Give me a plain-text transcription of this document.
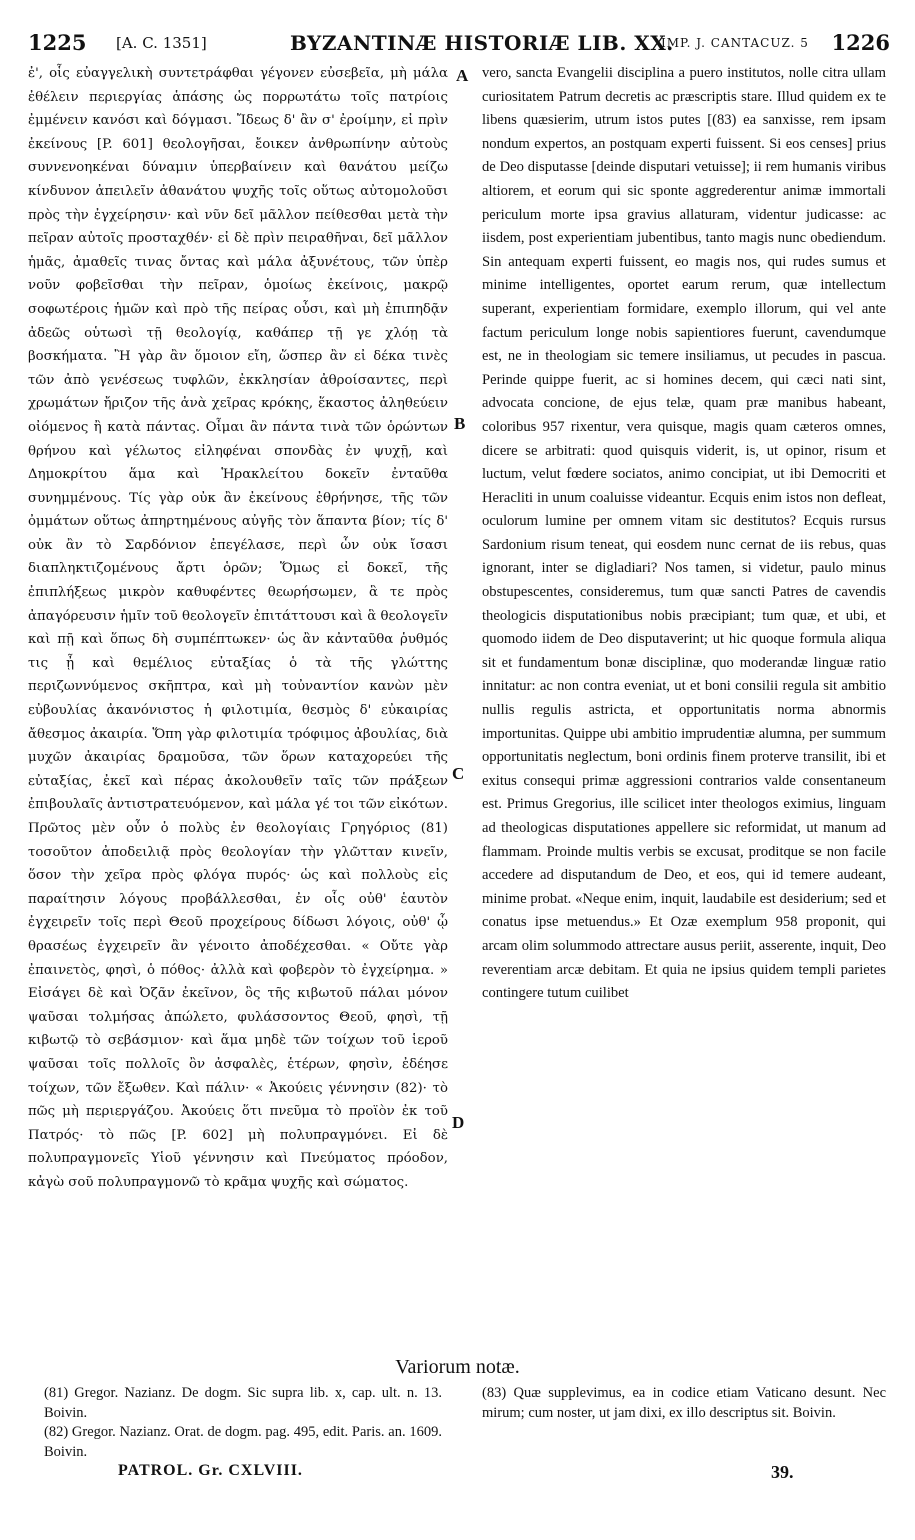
1225 [A. C. 1351]	BYZANTINÆ HISTORIÆ LIB. XX.
IMP. J. CANTACUZ. 5 1226

ἐ', οἷς εὐαγγελικὴ συντετράφθαι γέγονεν εὐσεβεῖα, μὴ μάλα ἐθέλειν περιεργίας ἁπάσης ὡς πορρωτάτω τοῖς πατρίοις ἐμμένειν κανόσι καὶ δόγμασι. Ἴδεως δ' ἂν σ' ἐροίμην, εἰ πρὶν ἐκείνους [P. 601] θεολογῆσαι, ἔοικεν ἀνθρωπίνην αὐτοὺς συννενοηκέναι δύναμιν ὑπερβαίνειν καὶ θανάτου μείζω κίνδυνον ἀπειλεῖν ἀθανάτου ψυχῆς τοῖς οὕτως αὐτομολοῦσι πρὸς τὴν ἐγχείρησιν· καὶ νῦν δεῖ μᾶλλον πείθεσθαι μετὰ τὴν πεῖραν αὐτοῖς προσταχθέν· εἰ δὲ πρὶν πειραθῆναι, δεῖ μᾶλλον ἡμᾶς, ἀμαθεῖς τινας ὄντας καὶ μάλα ἀξυνέτους, τῶν ὑπὲρ νοῦν φοβεῖσθαι τὴν πεῖραν, ὁμοίως ἐκείνοις, μακρῷ σοφωτέροις ἡμῶν καὶ πρὸ τῆς πείρας οὖσι, καὶ μὴ ἐπιπηδᾷν ἀδεῶς οὑτωσὶ τῇ θεολογίᾳ, καθάπερ τῇ γε χλόῃ τὰ βοσκήματα. Ἢ γὰρ ἂν ὅμοιον εἴη, ὥσπερ ἂν εἰ δέκα τινὲς τῶν ἀπὸ γενέσεως τυφλῶν, ἐκκλησίαν ἀθροίσαντες, περὶ χρωμάτων ἤριζον τῆς ἀνὰ χεῖρας κρόκης, ἕκαστος ἀληθεύειν οἰόμενος ἢ κατὰ πάντας. Οἶμαι ἂν πάντα τινὰ τῶν ὁρώντων θρήνου καὶ γέλωτος εἰληφέναι σπονδὰς ἐν ψυχῇ, καὶ Δημοκρίτου ἅμα καὶ Ἡρακλείτου δοκεῖν ἐνταῦθα συνημμένους. Τίς γὰρ οὐκ ἂν ἐκείνους ἐθρήνησε, τῆς τῶν ὀμμάτων οὕτως ἀπηρτημένους αὐγῆς τὸν ἅπαντα βίον; τίς δ' οὐκ ἂν τὸ Σαρδόνιον ἐπεγέλασε, περὶ ὧν οὐκ ἴσασι διαπληκτιζομένους ἄρτι ὁρῶν; Ὅμως εἰ δοκεῖ, τῆς ἐπιπλήξεως μικρὸν καθυφέντες θεωρήσωμεν, ἃ τε πρὸς ἀπαγόρευσιν ἡμῖν τοῦ θεολογεῖν ἐπιτάττουσι καὶ ἃ θεολογεῖν καὶ πῇ καὶ ὅπως δὴ συμπέπτωκεν· ὡς ἂν κἀνταῦθα ῥυθμός τις ᾖ καὶ θεμέλιος εὐταξίας ὁ τὰ τῆς γλώττης περιζωννύμενος σκῆπτρα, καὶ μὴ τοὐναντίον κανὼν μὲν εὐβουλίας ἀκανόνιστος ἡ φιλοτιμία, θεσμὸς δ' εὐκαιρίας ἄθεσμος ἀκαιρία. Ὅπη γὰρ φιλοτιμία τρόφιμος ἀβουλίας, διὰ μυχῶν ἀκαιρίας δραμοῦσα, τῶν ὅρων καταχορεύει τῆς εὐταξίας, ἐκεῖ καὶ πέρας ἀκολουθεῖν ταῖς τῶν πράξεων ἐπιβουλαῖς ἀντιστρατευόμενον, καὶ μάλα γέ τοι τῶν εἰκότων. Πρῶτος μὲν οὖν ὁ πολὺς ἐν θεολογίαις Γρηγόριος (81) τοσοῦτον ἀποδειλιᾷ πρὸς θεολογίαν τὴν γλῶτταν κινεῖν, ὅσον τὴν χεῖρα πρὸς φλόγα πυρός· ὡς καὶ πολλοὺς εἰς παραίτησιν λόγους προβάλλεσθαι, ἐν οἷς οὐθ' ἑαυτὸν ἐγχειρεῖν τοῖς περὶ Θεοῦ προχείρους δίδωσι λόγοις, οὐθ' ᾧ θρασέως ἐγχειρεῖν ἂν γένοιτο ἀποδέχεσθαι. « Οὔτε γὰρ ἐπαινετὸς, φησὶ, ὁ πόθος· ἀλλὰ καὶ φοβερὸν τὸ ἐγχείρημα. » Εἰσάγει δὲ καὶ Ὀζᾶν ἐκεῖνον, ὃς τῆς κιβωτοῦ πάλαι μόνον ψαῦσαι τολμήσας ἀπώλετο, φυλάσσοντος Θεοῦ, φησὶ, τῇ κιβωτῷ τὸ σεβάσμιον· καὶ ἅμα μηδὲ τῶν τοίχων τοῦ ἱεροῦ ψαῦσαι τοῖς πολλοῖς ὂν ἀσφαλὲς, ἑτέρων, φησὶν, ἐδέησε τοίχων, τῶν ἔξωθεν. Καὶ πάλιν· « Ἀκούεις γέννησιν (82)· τὸ πῶς μὴ περιεργάζου. Ἀκούεις ὅτι πνεῦμα τὸ προϊὸν ἐκ τοῦ Πατρός· τὸ πῶς [P. 602] μὴ πολυπραγμόνει. Εἰ δὲ πολυπραγμονεῖς Υἱοῦ γέννησιν καὶ Πνεύματος πρόοδον, κἀγὼ σοῦ πολυπραγμονῶ τὸ κρᾶμα ψυχῆς καὶ σώματος.

A
B
C
D

vero, sancta Evangelii disciplina a puero institutos, nolle citra ullam curiositatem Patrum decretis ac præscriptis stare. Illud quidem ex te libens quæsierim, utrum istos putes [(83) ea sanxisse, rem ipsam nondum expertos, an postquam experti fuissent. Si eos censes] prius de Deo disputasse [deinde disputari vetuisse]; ii rem humanis viribus altiorem, et eorum qui sic sponte aggrederentur animæ immortali periculum morte ipsa gravius allaturam, videntur judicasse: ac iisdem, post experientiam jubentibus, tanto magis nunc obediendum. Sin antequam experti fuissent, eo magis nos, qui rudes sumus et minime intelligentes, oportet earum rerum, quæ intellectum superant, experientiam formidare, exemplo illorum, qui vel ante factum periculum longe nobis sapientiores fuerunt, cavendumque est, ne in theologiam sic temere insiliamus, ut pecudes in pascua. Perinde quippe fuerit, ac si homines decem, qui cæci nati sint, advocata concione, de ejus telæ, quam præ manibus habeant, coloribus 957 rixentur, vera quisque, magis quam cæteros omnes, dicere se arbitrati: quod quisquis viderit, is, ut opinor, risum et luctum, velut fœdere sociatos, animo concipiat, ut ibi Democriti et Heracliti in unum coaluisse videantur. Ecquis enim istos non defleat, oculorum lumine per omnem vitam sic destitutos? Ecquis rursus Sardonium risum teneat, qui eosdem nunc cernat de iis rebus, quas ignorant, inter se digladiari? Nos tamen, si videtur, paulo minus obstupescentes, consideremus, tum quæ sancti Patres de cavendis theologicis disputationibus nobis præcipiant; tum quæ, et ubi, et quomodo iidem de Deo disputaverint; ut hic quoque formula aliqua sit et fundamentum bonæ disciplinæ, quo moderandæ linguæ ratio innitatur: ac non contra eveniat, ut et boni consilii regula sit ambitio nullis regulis astricta, et opportunitatis norma abnormis importunitas. Quippe ubi ambitio imprudentiæ alumna, per summum opportunitatis neglectum, boni ordinis finem proterve transilit, ibi et exitus consequi primæ aggressioni contrarios valde consentaneum est. Primus Gregorius, ille scilicet inter theologos eximius, linguam ad theologicas disputationes appellere sic reformidat, ut manum ad flammam. Proinde multis verbis se excusat, proditque se non facile accedere ad disputandum de Deo, et eos, qui id temere audeant, minime probat. «Neque enim, inquit, laudabile est desiderium; sed et conatus ipse metuendus.» Et Ozæ exemplum 958 proponit, qui arcam olim solummodo attrectare ausus periit, asserente, inquit, Deo reverentiam arcæ debitam. Et quia ne ipsius quidem templi parietes contingere tutum cuilibet

Variorum notæ.

(81) Gregor. Nazianz. De dogm. Sic supra lib. x, cap. ult. n. 13. Boivin.

(82) Gregor. Nazianz. Orat. de dogm. pag. 495, edit. Paris. an. 1609. Boivin.

(83) Quæ supplevimus, ea in codice etiam Vaticano desunt. Nec mirum; cum noster, ut jam dixi, ex illo descriptus sit. Boivin.

PATROL. Gr. CXLVIII.	39.
